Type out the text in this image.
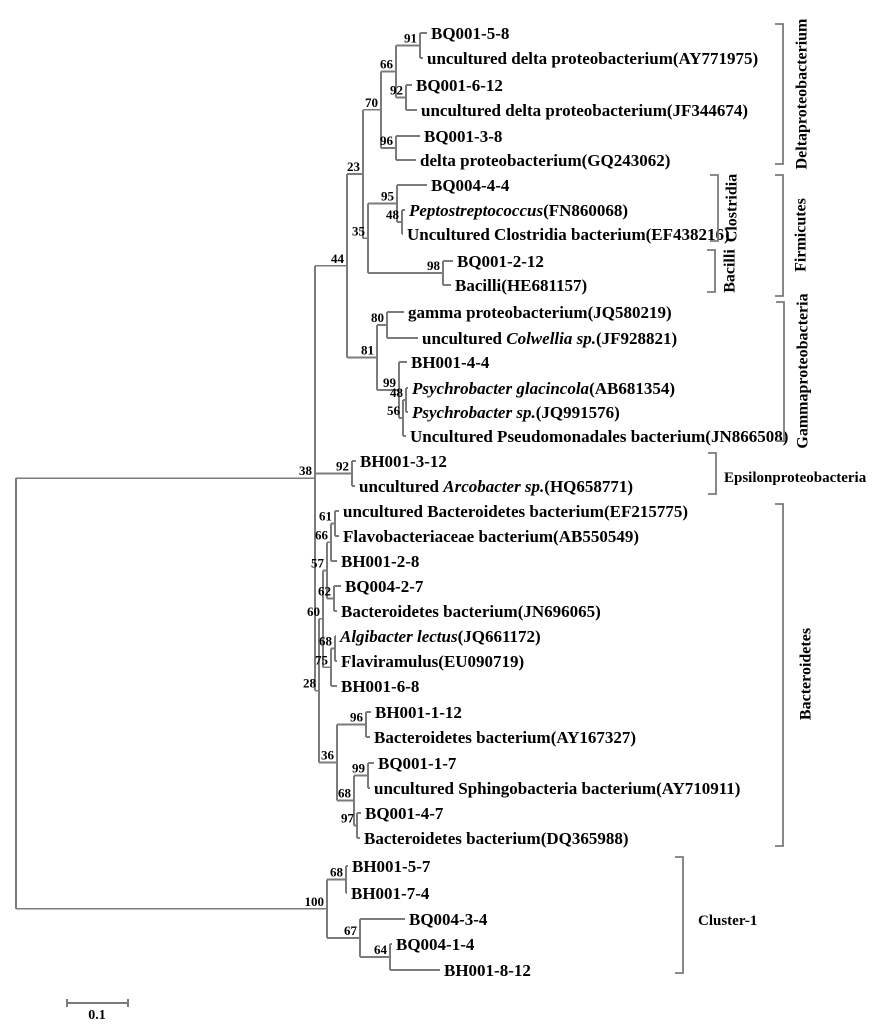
38
44
23
70
66
91 BQ001-5-8
uncultured delta proteobacterium(AY771975)
92 BQ001-6-12
uncultured delta proteobacterium(JF344674)
96 BQ001-3-8
delta proteobacterium(GQ243062)
35
95
BQ004-4-4
48 Peptostreptococcus(FN860068)
Uncultured Clostridia bacterium(EF438216)
98 BQ001-2-12
Bacilli(HE681157)
81
80 gamma proteobacterium(JQ580219)
uncultured Colwellia sp.(JF928821)
99
BH001-4-4
56
48 Psychrobacter glacincola(AB681354)
Psychrobacter sp.(JQ991576)
Uncultured Pseudomonadales bacterium(JN866508)
92 BH001-3-12
uncultured Arcobacter sp.(HQ658771)
28
60
57
66
61 uncultured Bacteroidetes bacterium(EF215775)
Flavobacteriaceae bacterium(AB550549)
BH001-2-8
62 BQ004-2-7
Bacteroidetes bacterium(JN696065)
75
68 Algibacter lectus(JQ661172)
Flaviramulus(EU090719)
BH001-6-8
36
96 BH001-1-12
Bacteroidetes bacterium(AY167327)
68
99 BQ001-1-7
uncultured Sphingobacteria bacterium(AY710911)
97 BQ001-4-7
Bacteroidetes bacterium(DQ365988)
100
68 BH001-5-7
BH001-7-4
67
BQ004-3-4
64 BQ004-1-4
BH001-8-12
Deltaproteobacterium
Clostridia
Bacilli	Firmicutes
Gammaproteobacteria
Epsilonproteobacteria
Bacteroidetes
Cluster-1
0.1
